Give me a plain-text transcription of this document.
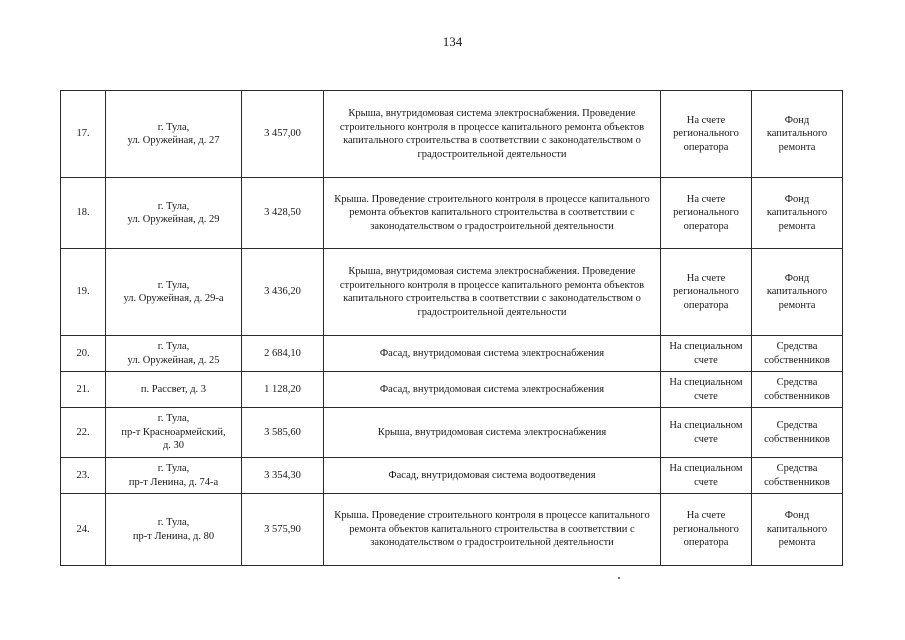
134
17.	г. Тула,
ул. Оружейная, д. 27	3 457,00	Крыша, внутридомовая система электроснабжения. Проведение строительного контроля в процессе капитального ремонта объектов капитального строительства в соответствии с законодательством о градостроительной деятельности	На счете регионального оператора	Фонд капитального ремонта
18.	г. Тула,
ул. Оружейная, д. 29	3 428,50	Крыша. Проведение строительного контроля в процессе капитального ремонта объектов капитального строительства в соответствии с законодательством о градостроительной деятельности	На счете регионального оператора	Фонд капитального ремонта
19.	г. Тула,
ул. Оружейная, д. 29-а	3 436,20	Крыша, внутридомовая система электроснабжения. Проведение строительного контроля в процессе капитального ремонта объектов капитального строительства в соответствии с законодательством о градостроительной деятельности	На счете регионального оператора	Фонд капитального ремонта
20.	г. Тула,
ул. Оружейная, д. 25	2 684,10	Фасад, внутридомовая система электроснабжения	На специальном счете	Средства собственников
21.	п. Рассвет, д. 3	1 128,20	Фасад, внутридомовая система электроснабжения	На специальном счете	Средства собственников
22.	г. Тула,
пр-т Красноармейский,
д. 30	3 585,60	Крыша, внутридомовая система электроснабжения	На специальном счете	Средства собственников
23.	г. Тула,
пр-т Ленина, д. 74-а	3 354,30	Фасад, внутридомовая система водоотведения	На специальном счете	Средства собственников
24.	г. Тула,
пр-т Ленина, д. 80	3 575,90	Крыша. Проведение строительного контроля в процессе капитального ремонта объектов капитального строительства в соответствии с законодательством о градостроительной деятельности	На счете регионального оператора	Фонд капитального ремонта
